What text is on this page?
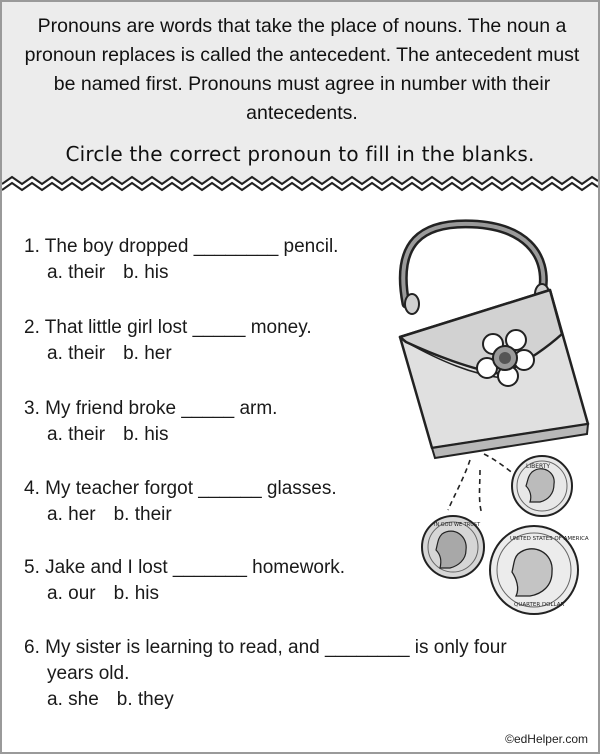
Pronouns are words that take the place of nouns. The noun a pronoun replaces is called the antecedent. The antecedent must be named first. Pronouns must agree in number with their antecedents.
Circle the correct pronoun to fill in the blanks.
1. The boy dropped ________ pencil.
a. their b. his
2. That little girl lost _____ money.
a. their b. her
3. My friend broke _____ arm.
a. their b. his
4. My teacher forgot ______ glasses.
a. her b. their
5. Jake and I lost _______ homework.
a. our b. his
6. My sister is learning to read, and ________ is only four
years old.
a. she b. they
LIBERTY
IN GOD WE TRUST
UNITED STATES OF AMERICA
QUARTER DOLLAR
©edHelper.com
